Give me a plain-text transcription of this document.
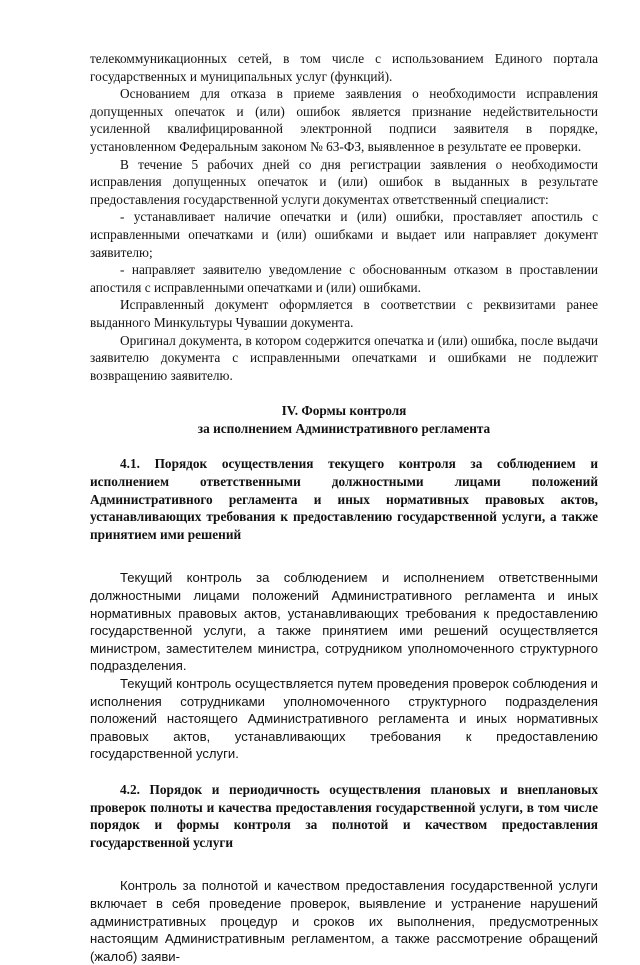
телекоммуникационных сетей, в том числе с использованием Единого портала государственных и муниципальных услуг (функций).

Основанием для отказа в приеме заявления о необходимости исправления допущенных опечаток и (или) ошибок является признание недействительности усиленной квалифицированной электронной подписи заявителя в порядке, установленном Федеральным законом № 63-ФЗ, выявленное в результате ее проверки.

В течение 5 рабочих дней со дня регистрации заявления о необходимости исправления допущенных опечаток и (или) ошибок в выданных в результате предоставления государственной услуги документах ответственный специалист:

- устанавливает наличие опечатки и (или) ошибки, проставляет апостиль с исправленными опечатками и (или) ошибками и выдает или направляет документ заявителю;

- направляет заявителю уведомление с обоснованным отказом в проставлении апостиля с исправленными опечатками и (или) ошибками.

Исправленный документ оформляется в соответствии с реквизитами ранее выданного Минкультуры Чувашии документа.

Оригинал документа, в котором содержится опечатка и (или) ошибка, после выдачи заявителю документа с исправленными опечатками и ошибками не подлежит возвращению заявителю.

IV. Формы контроля
за исполнением Административного регламента

4.1. Порядок осуществления текущего контроля за соблюдением и исполнением ответственными должностными лицами положений Административного регламента и иных нормативных правовых актов, устанавливающих требования к предоставлению государственной услуги, а также принятием ими решений

Текущий контроль за соблюдением и исполнением ответственными должностными лицами положений Административного регламента и иных нормативных правовых актов, устанавливающих требования к предоставлению государственной услуги, а также принятием ими решений осуществляется министром, заместителем министра, сотрудником уполномоченного структурного подразделения.

Текущий контроль осуществляется путем проведения проверок соблюдения и исполнения сотрудниками уполномоченного структурного подразделения положений настоящего Административного регламента и иных нормативных правовых актов, устанавливающих требования к предоставлению государственной услуги.

4.2. Порядок и периодичность осуществления плановых и внеплановых проверок полноты и качества предоставления государственной услуги, в том числе порядок и формы контроля за полнотой и качеством предоставления государственной услуги

Контроль за полнотой и качеством предоставления государственной услуги включает в себя проведение проверок, выявление и устранение нарушений административных процедур и сроков их выполнения, предусмотренных настоящим Административным регламентом, а также рассмотрение обращений (жалоб) заяви-
